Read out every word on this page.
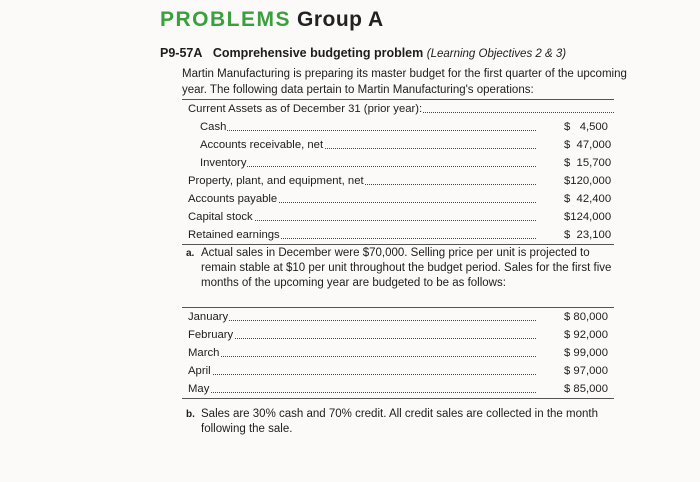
PROBLEMS Group A
P9-57A Comprehensive budgeting problem (Learning Objectives 2 & 3)
Martin Manufacturing is preparing its master budget for the first quarter of the upcoming year. The following data pertain to Martin Manufacturing's operations:
Current Assets as of December 31 (prior year):
Cash	$   4,500
Accounts receivable, net	$  47,000
Inventory	$  15,700
Property, plant, and equipment, net	$120,000
Accounts payable	$  42,400
Capital stock	$124,000
Retained earnings	$  23,100
a. Actual sales in December were $70,000. Selling price per unit is projected to remain stable at $10 per unit throughout the budget period. Sales for the first five months of the upcoming year are budgeted to be as follows:
January	$ 80,000
February	$ 92,000
March	$ 99,000
April	$ 97,000
May	$ 85,000
b. Sales are 30% cash and 70% credit. All credit sales are collected in the month following the sale.
